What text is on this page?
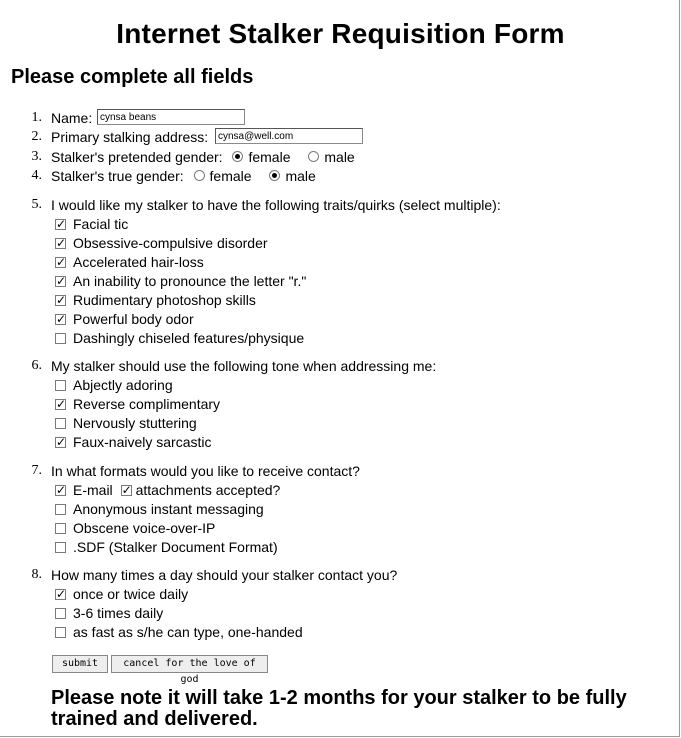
Internet Stalker Requisition Form
Please complete all fields
1. Name:
cynsa beans
2. Primary stalking address:
cynsa@well.com
3. Stalker's pretended gender: female male
4. Stalker's true gender: female male
5. I would like my stalker to have the following traits/quirks (select multiple):
✓Facial tic
✓Obsessive-compulsive disorder
✓Accelerated hair-loss
✓An inability to pronounce the letter "r."
✓Rudimentary photoshop skills
✓Powerful body odor
Dashingly chiseled features/physique
6. My stalker should use the following tone when addressing me:
Abjectly adoring
✓Reverse complimentary
Nervously stuttering
✓Faux-naively sarcastic
7. In what formats would you like to receive contact?
✓E-mail ✓ attachments accepted?
Anonymous instant messaging
Obscene voice-over-IP
.SDF (Stalker Document Format)
8. How many times a day should your stalker contact you?
✓once or twice daily
3-6 times daily
as fast as s/he can type, one-handed
submit	cancel for the love of god

Please note it will take 1-2 months for your stalker to be fully trained and delivered.
